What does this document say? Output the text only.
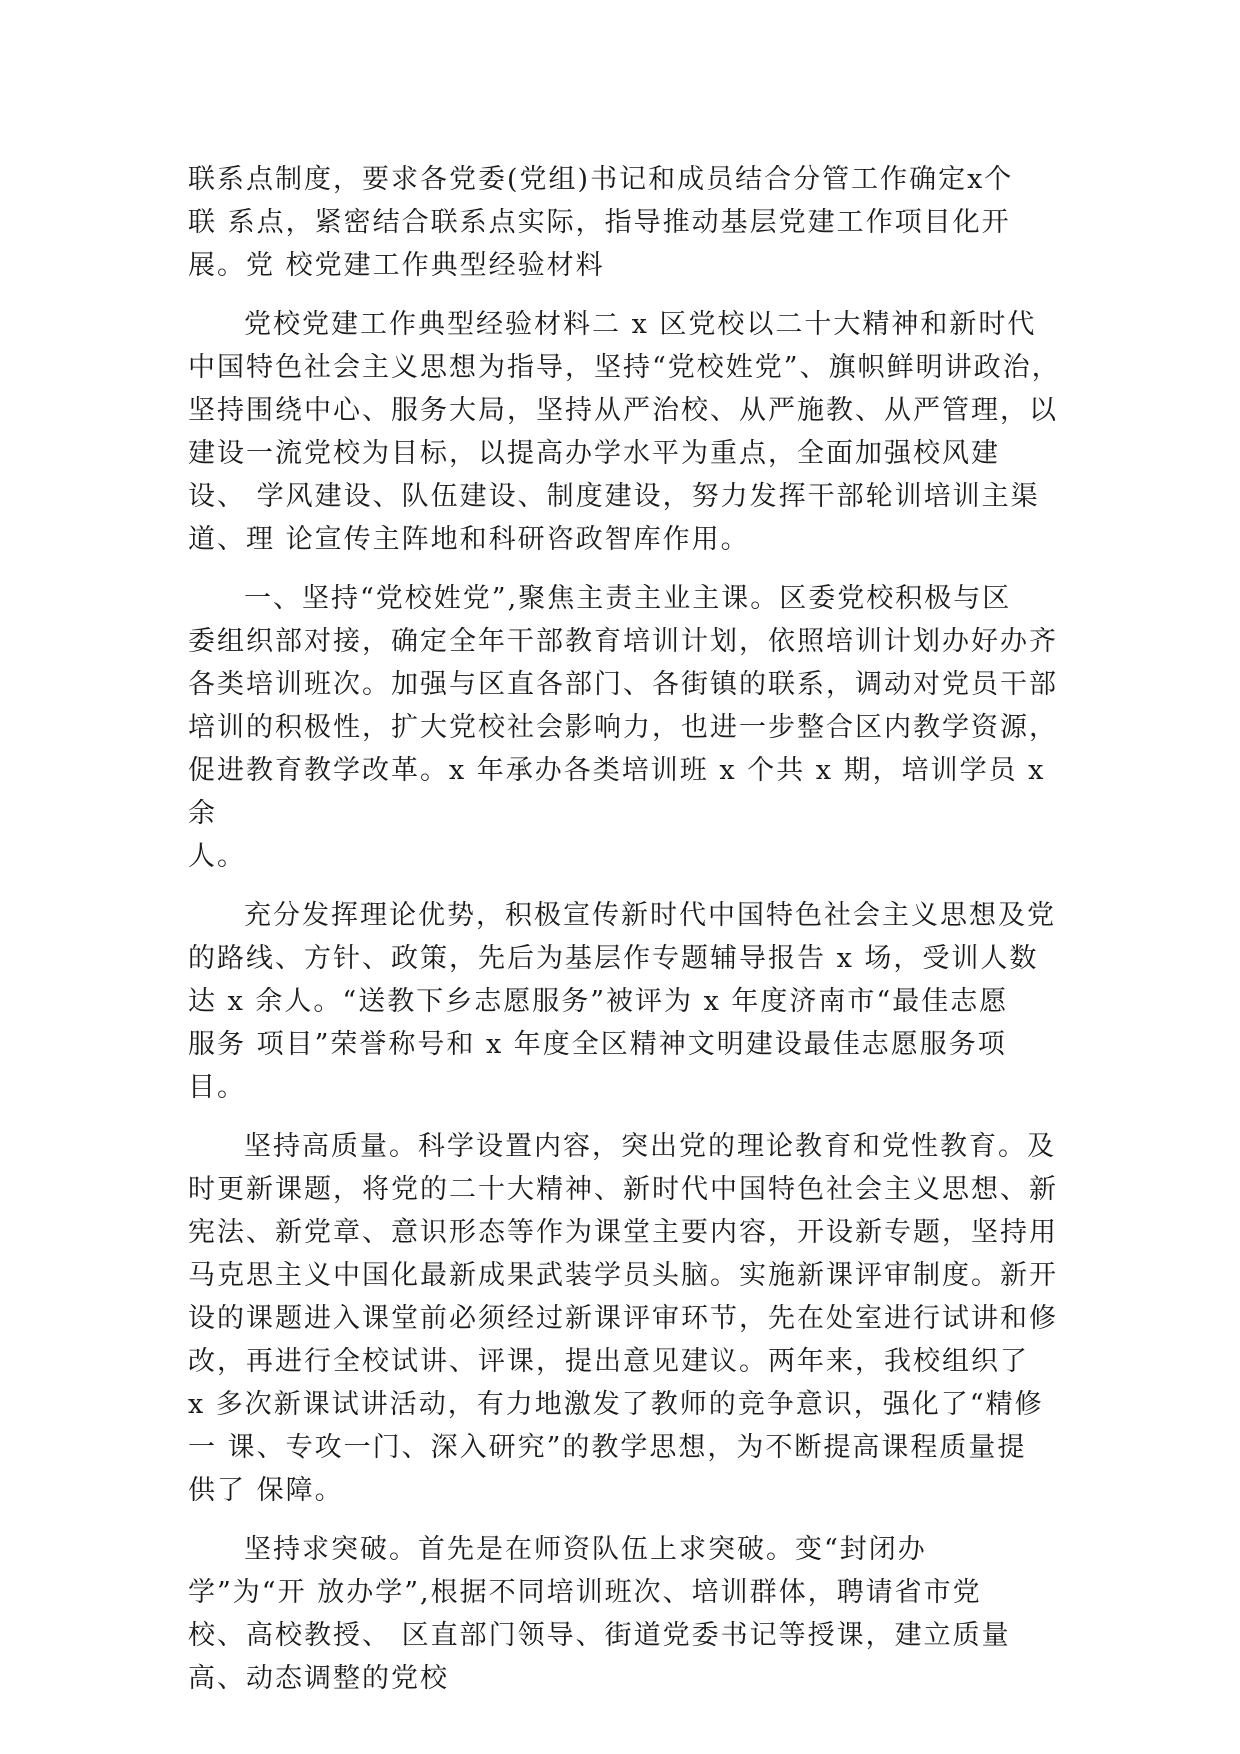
联系点制度，要求各党委(党组)书记和成员结合分管工作确定x个
联 系点，紧密结合联系点实际，指导推动基层党建工作项目化开
展。党 校党建工作典型经验材料

党校党建工作典型经验材料二 x 区党校以二十大精神和新时代
中国特色社会主义思想为指导，坚持“党校姓党”、旗帜鲜明讲政治，
坚持围绕中心、服务大局，坚持从严治校、从严施教、从严管理，以
建设一流党校为目标，以提高办学水平为重点，全面加强校风建
设、 学风建设、队伍建设、制度建设，努力发挥干部轮训培训主渠
道、理 论宣传主阵地和科研咨政智库作用。

一、坚持“党校姓党”,聚焦主责主业主课。区委党校积极与区
委组织部对接，确定全年干部教育培训计划，依照培训计划办好办齐
各类培训班次。加强与区直各部门、各街镇的联系，调动对党员干部
培训的积极性，扩大党校社会影响力，也进一步整合区内教学资源，
促进教育教学改革。x 年承办各类培训班 x 个共 x 期，培训学员 x
余
人。

充分发挥理论优势，积极宣传新时代中国特色社会主义思想及党
的路线、方针、政策，先后为基层作专题辅导报告 x 场，受训人数
达 x 余人。“送教下乡志愿服务”被评为 x 年度济南市“最佳志愿
服务 项目”荣誉称号和 x 年度全区精神文明建设最佳志愿服务项
目。

坚持高质量。科学设置内容，突出党的理论教育和党性教育。及
时更新课题，将党的二十大精神、新时代中国特色社会主义思想、新
宪法、新党章、意识形态等作为课堂主要内容，开设新专题，坚持用
马克思主义中国化最新成果武装学员头脑。实施新课评审制度。新开
设的课题进入课堂前必须经过新课评审环节，先在处室进行试讲和修
改，再进行全校试讲、评课，提出意见建议。两年来，我校组织了
x 多次新课试讲活动，有力地激发了教师的竞争意识，强化了“精修
一 课、专攻一门、深入研究”的教学思想，为不断提高课程质量提
供了 保障。

坚持求突破。首先是在师资队伍上求突破。变“封闭办
学”为“开 放办学”,根据不同培训班次、培训群体，聘请省市党
校、高校教授、 区直部门领导、街道党委书记等授课，建立质量
高、动态调整的党校
